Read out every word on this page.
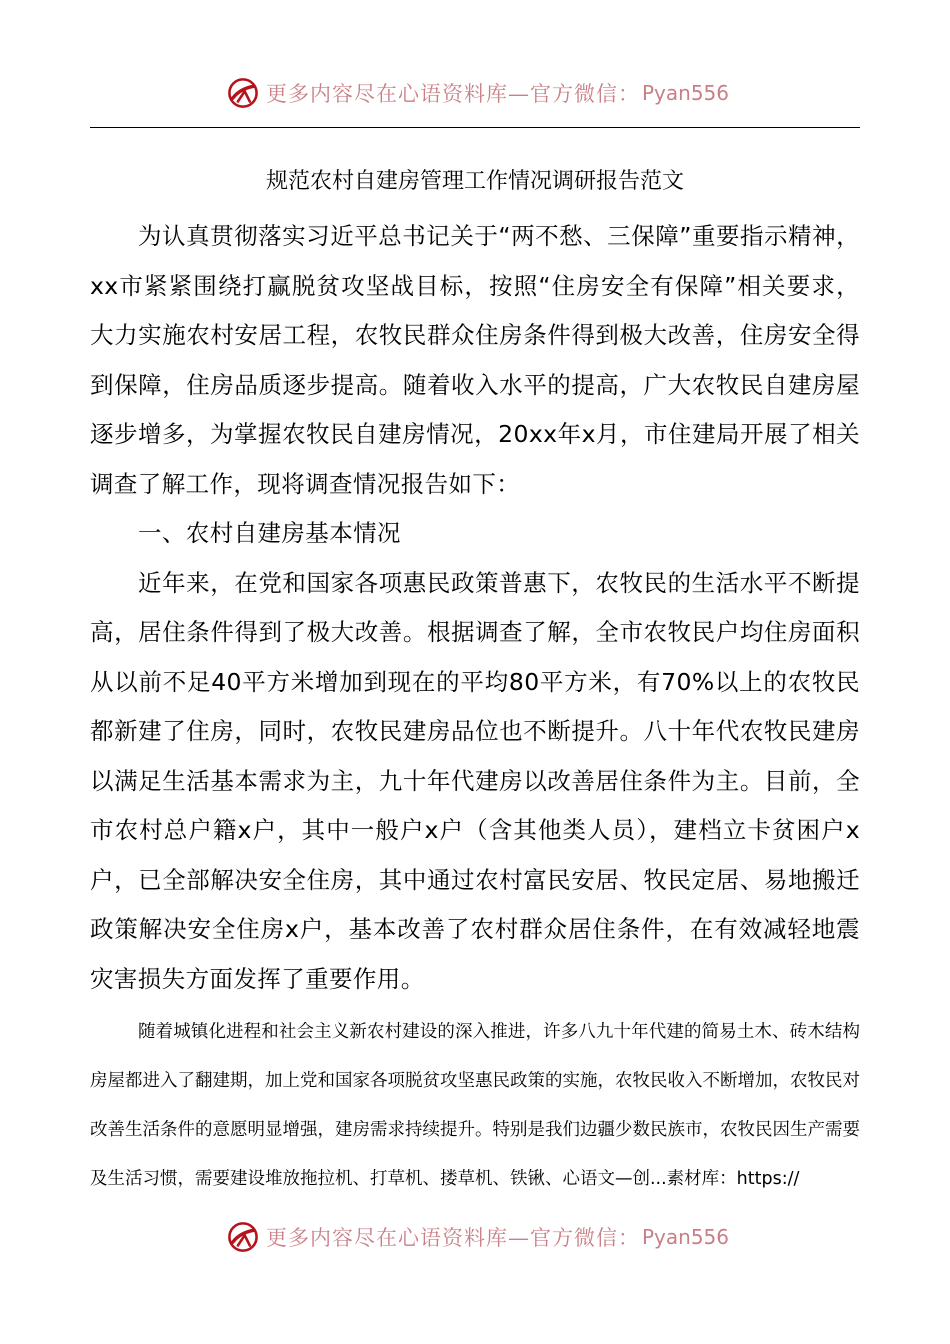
更多内容尽在心语资料库—官方微信： Pyan556
规范农村自建房管理工作情况调研报告范文

为认真贯彻落实习近平总书记关于“两不愁、三保障”重要指示精神，xx市紧紧围绕打赢脱贫攻坚战目标，按照“住房安全有保障”相关要求，大力实施农村安居工程，农牧民群众住房条件得到极大改善，住房安全得到保障，住房品质逐步提高。随着收入水平的提高，广大农牧民自建房屋逐步增多，为掌握农牧民自建房情况，20xx年x月，市住建局开展了相关调查了解工作，现将调查情况报告如下：

一、农村自建房基本情况

近年来，在党和国家各项惠民政策普惠下，农牧民的生活水平不断提高，居住条件得到了极大改善。根据调查了解，全市农牧民户均住房面积从以前不足40平方米增加到现在的平均80平方米，有70%以上的农牧民都新建了住房，同时，农牧民建房品位也不断提升。八十年代农牧民建房以满足生活基本需求为主，九十年代建房以改善居住条件为主。目前，全市农村总户籍x户，其中一般户x户（含其他类人员），建档立卡贫困户x户，已全部解决安全住房，其中通过农村富民安居、牧民定居、易地搬迁政策解决安全住房x户，基本改善了农村群众居住条件，在有效减轻地震灾害损失方面发挥了重要作用。

随着城镇化进程和社会主义新农村建设的深入推进，许多八九十年代建的简易土木、砖木结构房屋都进入了翻建期，加上党和国家各项脱贫攻坚惠民政策的实施，农牧民收入不断增加，农牧民对改善生活条件的意愿明显增强，建房需求持续提升。特别是我们边疆少数民族市，农牧民因生产需要及生活习惯，需要建设堆放拖拉机、打草机、搂草机、铁锹、心语文—创...素材库：https://

更多内容尽在心语资料库—官方微信： Pyan556
